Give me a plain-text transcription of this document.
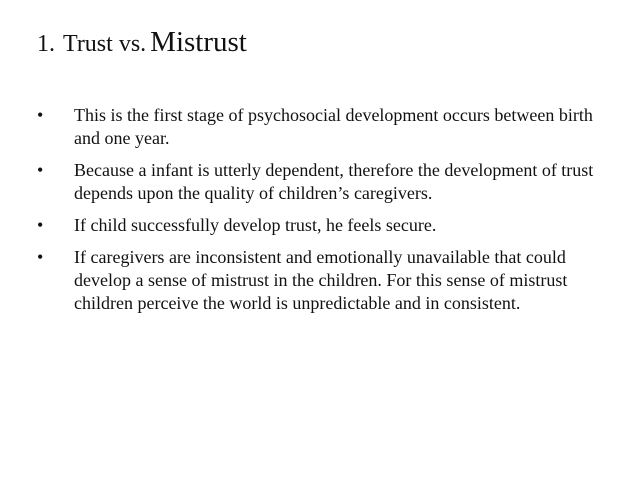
1. Trust vs. Mistrust
•	This is the first stage of psychosocial development occurs between birth and one year.
•	Because a infant is utterly dependent, therefore the development of trust depends upon the quality of children’s caregivers.
•	If child successfully develop trust, he feels secure.
•	If caregivers are inconsistent and emotionally unavailable that could develop a sense of mistrust in the children. For this sense of mistrust children perceive the world is unpredictable and in consistent.
